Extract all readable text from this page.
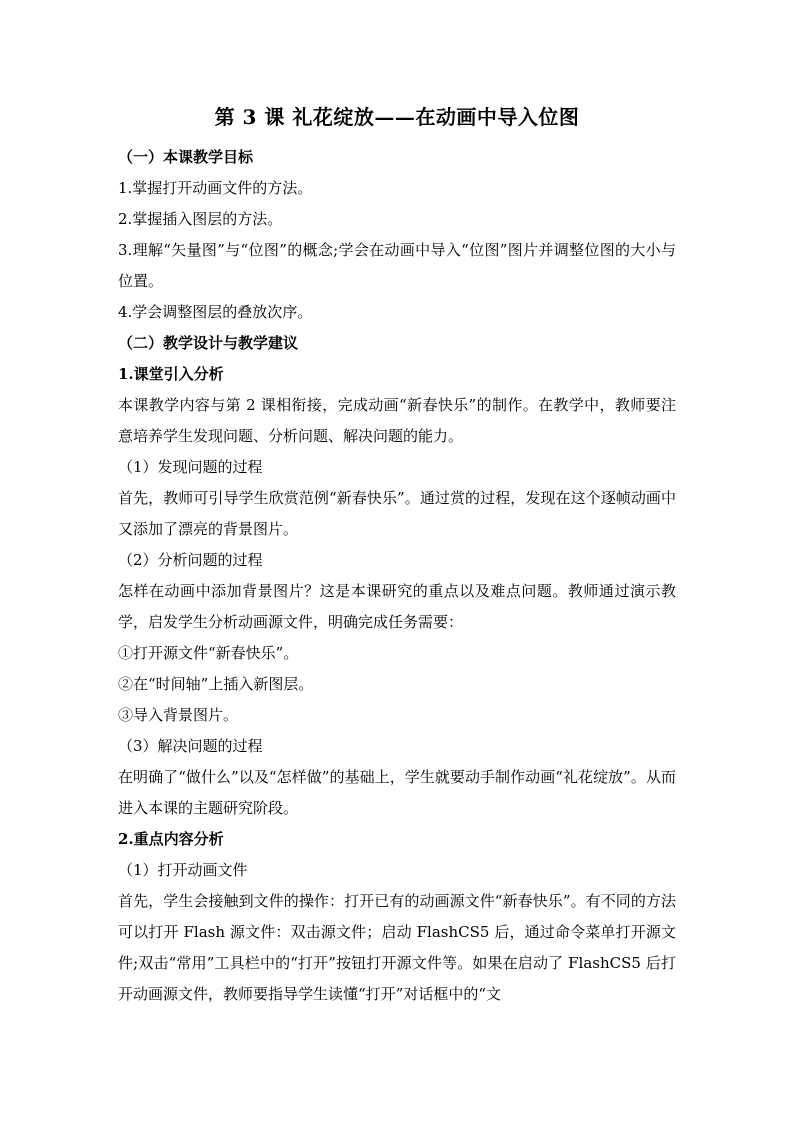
第 3 课 礼花绽放——在动画中导入位图

（一）本课教学目标

1.掌握打开动画文件的方法。

2.掌握插入图层的方法。

3.理解“矢量图”与“位图”的概念;学会在动画中导入“位图”图片并调整位图的大小与位置。

4.学会调整图层的叠放次序。

（二）教学设计与教学建议

1.课堂引入分析

本课教学内容与第 2 课相衔接，完成动画“新春快乐”的制作。在教学中，教师要注意培养学生发现问题、分析问题、解决问题的能力。

（1）发现问题的过程

首先，教师可引导学生欣赏范例“新春快乐”。通过赏的过程，发现在这个逐帧动画中又添加了漂亮的背景图片。

（2）分析问题的过程

怎样在动画中添加背景图片？这是本课研究的重点以及难点问题。教师通过演示教学，启发学生分析动画源文件，明确完成任务需要：

①打开源文件“新春快乐”。

②在“时间轴”上插入新图层。

③导入背景图片。

（3）解决问题的过程

在明确了“做什么”以及“怎样做”的基础上，学生就要动手制作动画“礼花绽放”。从而进入本课的主题研究阶段。

2.重点内容分析

（1）打开动画文件

首先，学生会接触到文件的操作：打开已有的动画源文件“新春快乐”。有不同的方法可以打开 Flash 源文件：双击源文件；启动 FlashCS5 后，通过命令菜单打开源文件;双击“常用”工具栏中的“打开”按钮打开源文件等。如果在启动了 FlashCS5 后打开动画源文件，教师要指导学生读懂“打开”对话框中的“文
